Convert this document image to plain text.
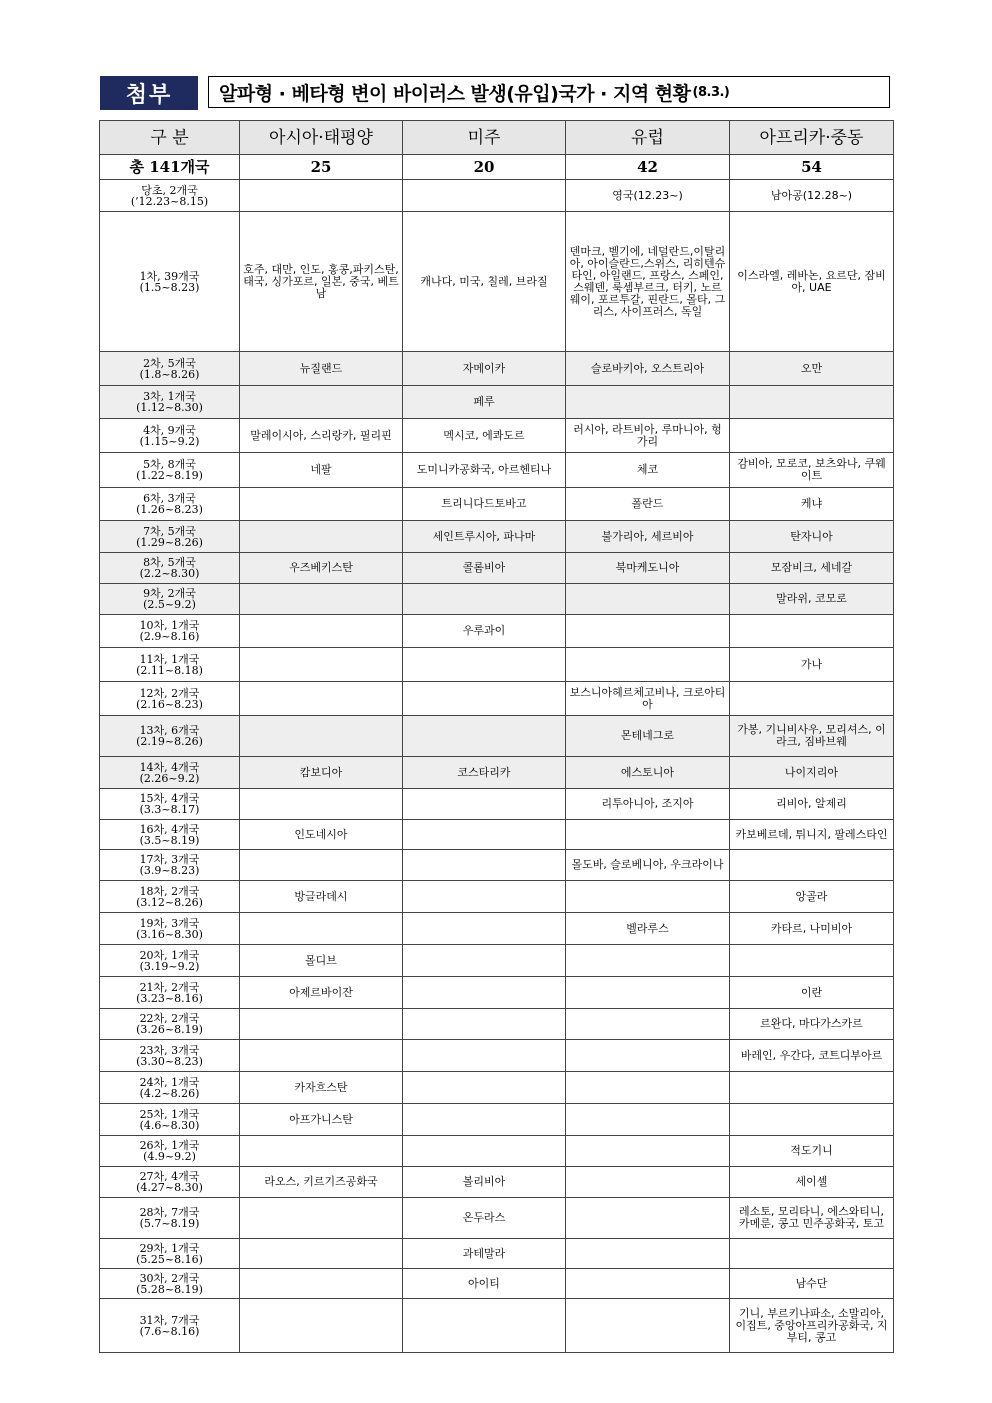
첨부	알파형 · 베타형 변이 바이러스 발생(유입)국가 · 지역 현황 (8.3.)
구 분	아시아·태평양	미주	유럽	아프리카·중동
총 141개국	25	20	42	54

당초, 2개국
(’12.23~8.15)			영국(12.23~)	남아공(12.28~)

1차, 39개국
(1.5~8.23)	호주, 대만, 인도, 홍콩,파키스탄, 태국, 싱가포르, 일본, 중국, 베트남	캐나다, 미국, 칠레, 브라질	덴마크, 벨기에, 네덜란드,이탈리아, 아이슬란드,스위스, 리히텐슈타인, 아일랜드, 프랑스, 스페인, 스웨덴, 룩셈부르크, 터키, 노르웨이, 포르투갈, 핀란드, 몰타, 그리스, 사이프러스, 독일	이스라엘, 레바논, 요르단, 잠비아, UAE

2차, 5개국
(1.8~8.26)	뉴질랜드	자메이카	슬로바키아, 오스트리아	오만

3차, 1개국
(1.12~8.30)		페루		

4차, 9개국
(1.15~9.2)	말레이시아, 스리랑카, 필리핀	멕시코, 에콰도르	러시아, 라트비아, 루마니아, 헝가리	

5차, 8개국
(1.22~8.19)	네팔	도미니카공화국, 아르헨티나	체코	감비아, 모로코, 보츠와나, 쿠웨이트

6차, 3개국
(1.26~8.23)		트리니다드토바고	폴란드	케냐

7차, 5개국
(1.29~8.26)		세인트루시아, 파나마	불가리아, 세르비아	탄자니아

8차, 5개국
(2.2~8.30)	우즈베키스탄	콜롬비아	북마케도니아	모잠비크, 세네갈

9차, 2개국
(2.5~9.2)				말라위, 코모로

10차, 1개국
(2.9~8.16)		우루과이		

11차, 1개국
(2.11~8.18)				가나

12차, 2개국
(2.16~8.23)			보스니아헤르체고비나, 크로아티아	

13차, 6개국
(2.19~8.26)			몬테네그로	가봉, 기니비사우, 모리셔스, 이라크, 짐바브웨

14차, 4개국
(2.26~9.2)	캄보디아	코스타리카	에스토니아	나이지리아

15차, 4개국
(3.3~8.17)			리투아니아, 조지아	리비아, 알제리

16차, 4개국
(3.5~8.19)	인도네시아			카보베르데, 튀니지, 팔레스타인

17차, 3개국
(3.9~8.23)			몰도바, 슬로베니아, 우크라이나	

18차, 2개국
(3.12~8.26)	방글라데시			앙골라

19차, 3개국
(3.16~8.30)			벨라루스	카타르, 나미비아

20차, 1개국
(3.19~9.2)	몰디브			

21차, 2개국
(3.23~8.16)	아제르바이잔			이란

22차, 2개국
(3.26~8.19)				르완다, 마다가스카르

23차, 3개국
(3.30~8.23)				바레인, 우간다, 코트디부아르

24차, 1개국
(4.2~8.26)	카자흐스탄			

25차, 1개국
(4.6~8.30)	아프가니스탄			

26차, 1개국
(4.9~9.2)				적도기니

27차, 4개국
(4.27~8.30)	라오스, 키르기즈공화국	볼리비아		세이셸

28차, 7개국
(5.7~8.19)		온두라스		레소토, 모리타니, 에스와티니, 카메룬, 콩고 민주공화국, 토고

29차, 1개국
(5.25~8.16)		과테말라		

30차, 2개국
(5.28~8.19)		아이티		남수단

31차, 7개국
(7.6~8.16)				기니, 부르키나파소, 소말리아, 이집트, 중앙아프리카공화국, 지부티, 콩고
